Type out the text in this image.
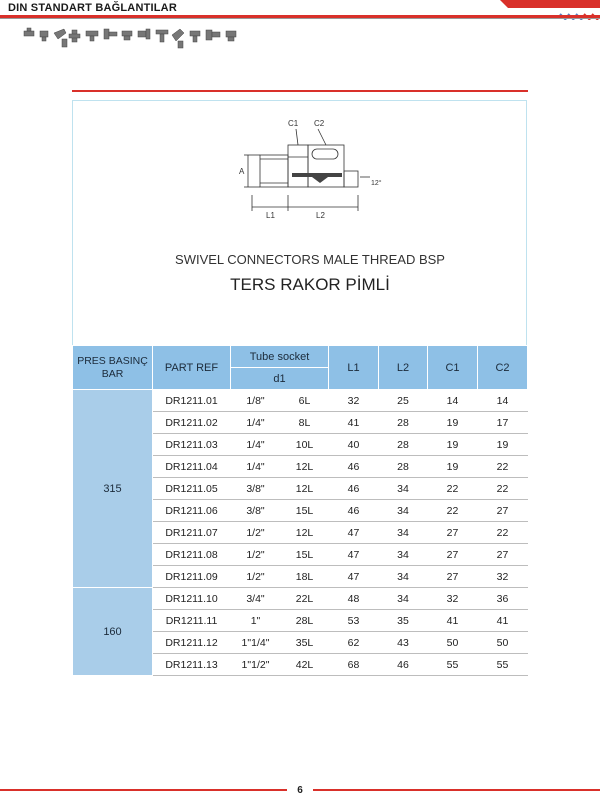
DIN STANDART BAĞLANTILAR
C1 C2
A
L1	L2
12°
SWIVEL CONNECTORS MALE THREAD BSP
TERS RAKOR PİMLİ
PRES BASINÇ BAR	PART REF	Tube socket		L1	L2	C1	C2
		d1					
315	DR1211.01	1/8"	6L	32	25	14	14
	DR1211.02	1/4"	8L	41	28	19	17
	DR1211.03	1/4"	10L	40	28	19	19
	DR1211.04	1/4"	12L	46	28	19	22
	DR1211.05	3/8"	12L	46	34	22	22
	DR1211.06	3/8"	15L	46	34	22	27
	DR1211.07	1/2"	12L	47	34	27	22
	DR1211.08	1/2"	15L	47	34	27	27
	DR1211.09	1/2"	18L	47	34	27	32
160	DR1211.10	3/4"	22L	48	34	32	36
	DR1211.11	1"	28L	53	35	41	41
	DR1211.12	1"1/4"	35L	62	43	50	50
	DR1211.13	1"1/2"	42L	68	46	55	55
6
